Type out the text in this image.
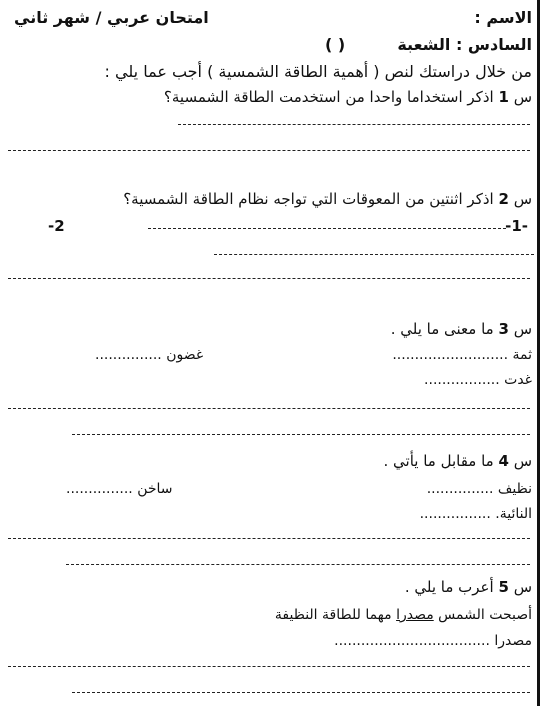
الاسم :
امتحان عربي / شهر ثاني
السادس : الشعبة
( )
من خلال دراستك لنص ( أهمية الطاقة الشمسية ) أجب عما يلي :
س 1 اذكر استخداما واحدا من استخدمت الطاقة الشمسية؟
س 2 اذكر اثنتين من المعوقات التي تواجه نظام الطاقة الشمسية؟
-1-
-2
س 3 ما معنى ما يلي .
ثمة ..........................
غضون ...............
غدت .................
س 4 ما مقابل ما يأتي .
نظيف ...............
ساخن ...............
النائية. ................
س 5 أعرب ما يلي .
أصبحت الشمس مصدرا مهما للطاقة النظيفة
مصدرا ...................................
